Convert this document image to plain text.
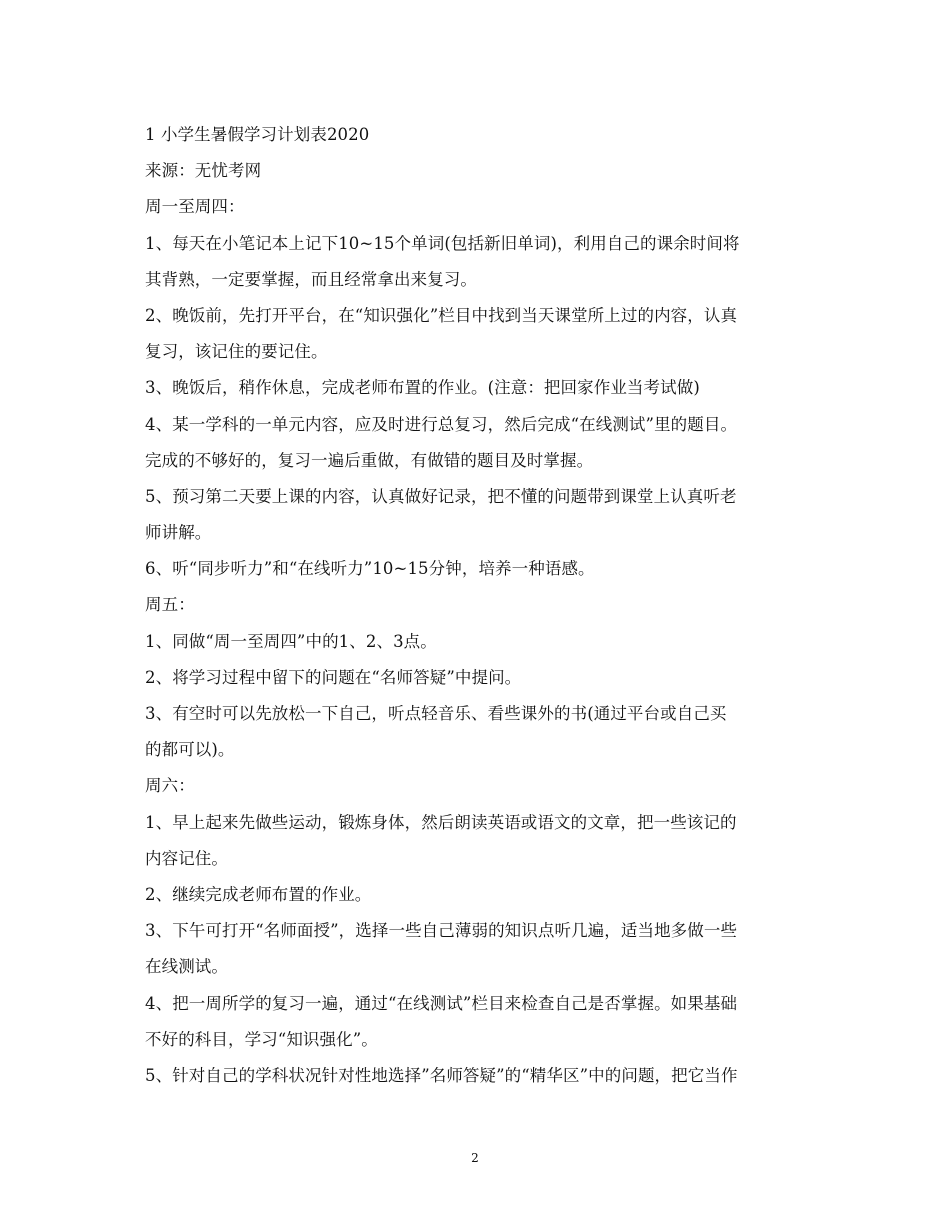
1 小学生暑假学习计划表2020
来源：无忧考网
周一至周四：
1、每天在小笔记本上记下10~15个单词(包括新旧单词)，利用自己的课余时间将
其背熟，一定要掌握，而且经常拿出来复习。
2、晚饭前，先打开平台，在“知识强化”栏目中找到当天课堂所上过的内容，认真
复习，该记住的要记住。
3、晚饭后，稍作休息，完成老师布置的作业。(注意：把回家作业当考试做)
4、某一学科的一单元内容，应及时进行总复习，然后完成“在线测试”里的题目。
完成的不够好的，复习一遍后重做，有做错的题目及时掌握。
5、预习第二天要上课的内容，认真做好记录，把不懂的问题带到课堂上认真听老
师讲解。
6、听“同步听力”和“在线听力”10~15分钟，培养一种语感。
周五：
1、同做“周一至周四”中的1、2、3点。
2、将学习过程中留下的问题在“名师答疑”中提问。
3、有空时可以先放松一下自己，听点轻音乐、看些课外的书(通过平台或自己买
的都可以)。
周六：
1、早上起来先做些运动，锻炼身体，然后朗读英语或语文的文章，把一些该记的
内容记住。
2、继续完成老师布置的作业。
3、下午可打开“名师面授”，选择一些自己薄弱的知识点听几遍，适当地多做一些
在线测试。
4、把一周所学的复习一遍，通过“在线测试”栏目来检查自己是否掌握。如果基础
不好的科目，学习“知识强化”。
5、针对自己的学科状况针对性地选择”名师答疑”的“精华区”中的问题，把它当作
2
